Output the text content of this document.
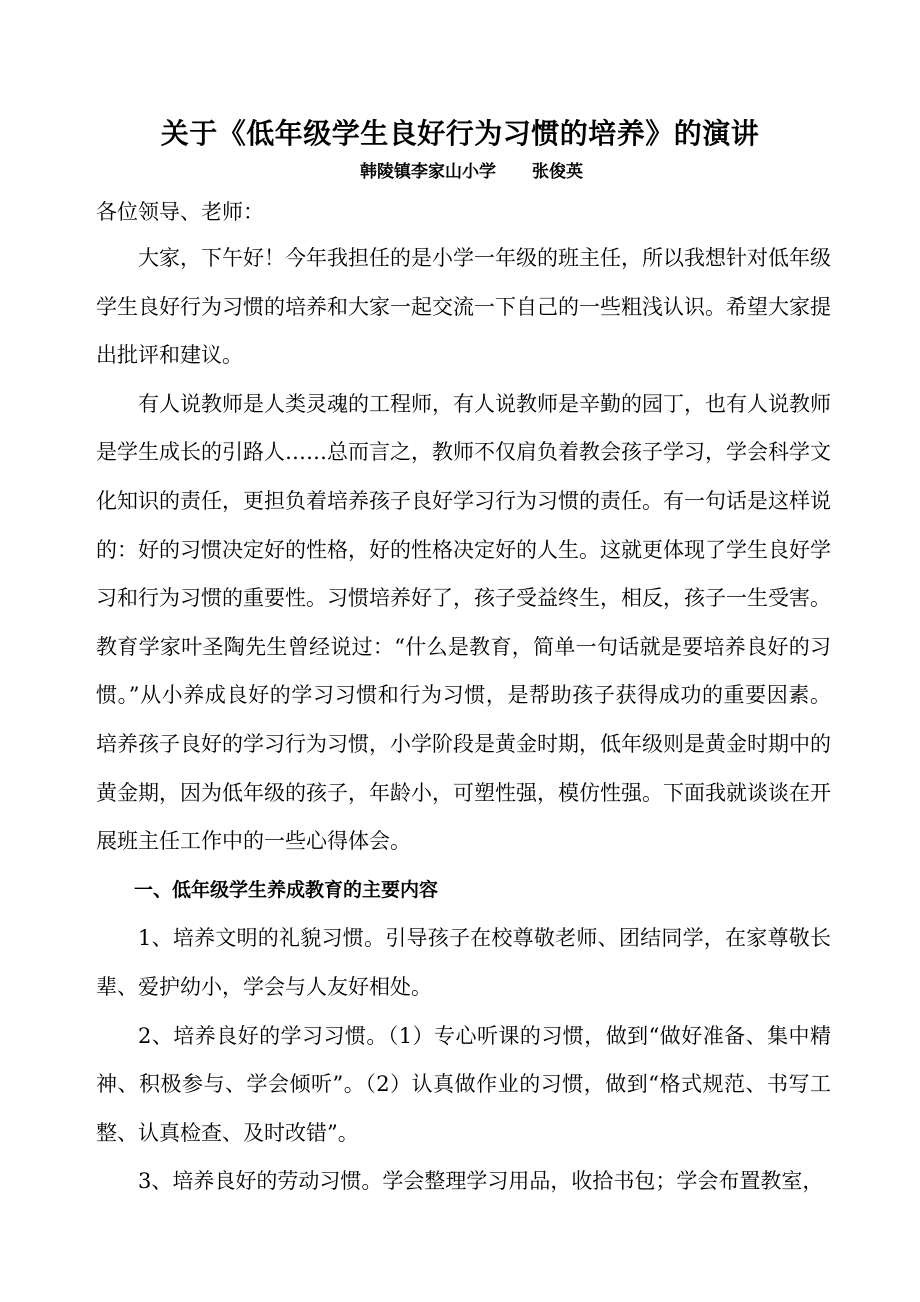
关于《低年级学生良好行为习惯的培养》的演讲
韩陵镇李家山小学 张俊英
各位领导、老师：

大家，下午好！今年我担任的是小学一年级的班主任，所以我想针对低年级学生良好行为习惯的培养和大家一起交流一下自己的一些粗浅认识。希望大家提出批评和建议。

有人说教师是人类灵魂的工程师，有人说教师是辛勤的园丁，也有人说教师是学生成长的引路人……总而言之，教师不仅肩负着教会孩子学习，学会科学文化知识的责任，更担负着培养孩子良好学习行为习惯的责任。有一句话是这样说的：好的习惯决定好的性格，好的性格决定好的人生。这就更体现了学生良好学习和行为习惯的重要性。习惯培养好了，孩子受益终生，相反，孩子一生受害。教育学家叶圣陶先生曾经说过：“什么是教育，简单一句话就是要培养良好的习惯。”从小养成良好的学习习惯和行为习惯，是帮助孩子获得成功的重要因素。培养孩子良好的学习行为习惯，小学阶段是黄金时期，低年级则是黄金时期中的黄金期，因为低年级的孩子，年龄小，可塑性强，模仿性强。下面我就谈谈在开展班主任工作中的一些心得体会。

一、低年级学生养成教育的主要内容

1、培养文明的礼貌习惯。引导孩子在校尊敬老师、团结同学，在家尊敬长辈、爱护幼小，学会与人友好相处。

2、培养良好的学习习惯。（1）专心听课的习惯，做到“做好准备、集中精神、积极参与、学会倾听”。（2）认真做作业的习惯，做到“格式规范、书写工整、认真检查、及时改错”。

3、培养良好的劳动习惯。学会整理学习用品，收拾书包；学会布置教室，
